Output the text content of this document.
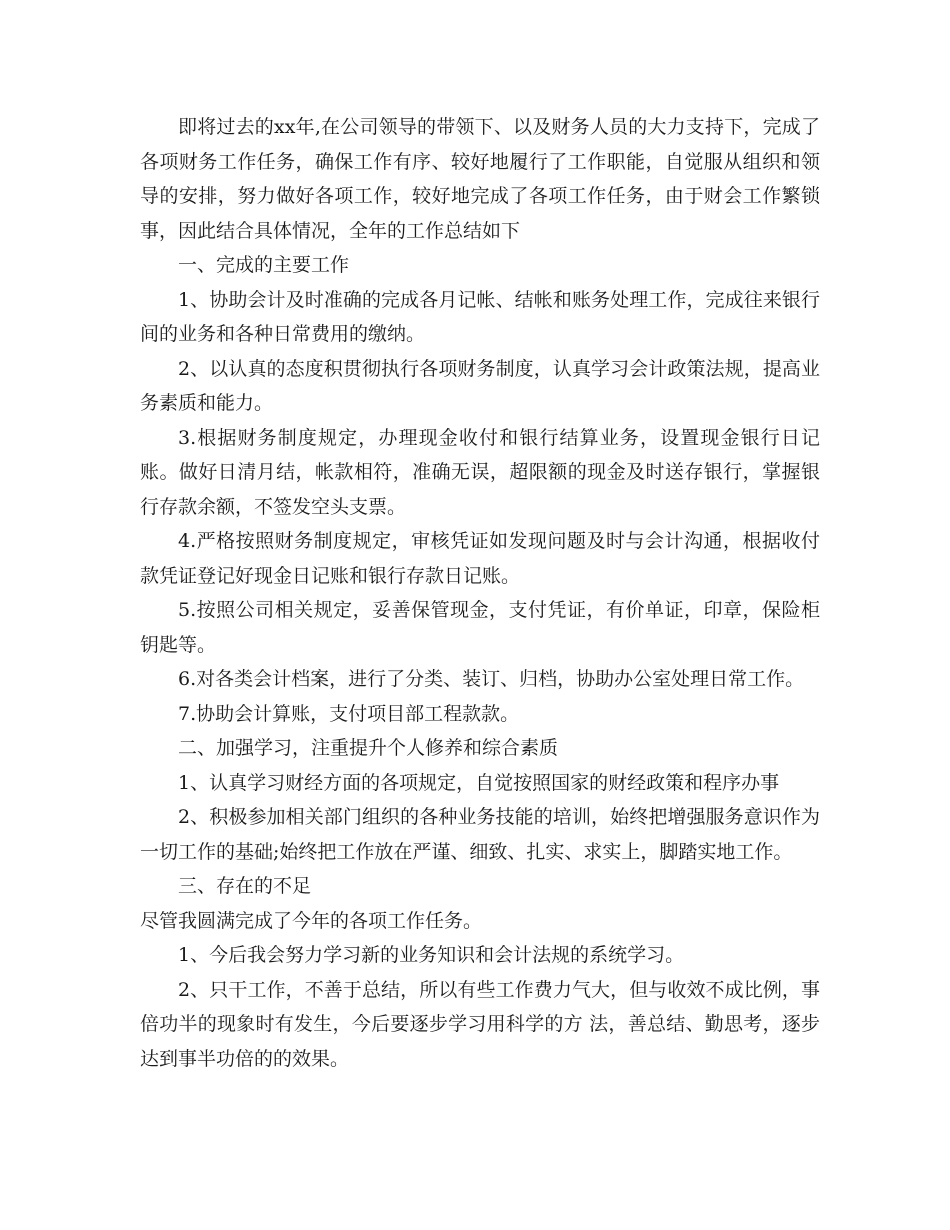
即将过去的xx年,在公司领导的带领下、以及财务人员的大力支持下，完成了各项财务工作任务，确保工作有序、较好地履行了工作职能，自觉服从组织和领导的安排，努力做好各项工作，较好地完成了各项工作任务，由于财会工作繁锁事，因此结合具体情况，全年的工作总结如下

一、完成的主要工作

1、协助会计及时准确的完成各月记帐、结帐和账务处理工作，完成往来银行间的业务和各种日常费用的缴纳。

2、以认真的态度积贯彻执行各项财务制度，认真学习会计政策法规，提高业务素质和能力。

3.根据财务制度规定，办理现金收付和银行结算业务，设置现金银行日记账。做好日清月结，帐款相符，准确无误，超限额的现金及时送存银行，掌握银行存款余额，不签发空头支票。

4.严格按照财务制度规定，审核凭证如发现问题及时与会计沟通，根据收付款凭证登记好现金日记账和银行存款日记账。

5.按照公司相关规定，妥善保管现金，支付凭证，有价单证，印章，保险柜钥匙等。

6.对各类会计档案，进行了分类、装订、归档，协助办公室处理日常工作。

7.协助会计算账，支付项目部工程款款。

二、加强学习，注重提升个人修养和综合素质

1、认真学习财经方面的各项规定，自觉按照国家的财经政策和程序办事

2、积极参加相关部门组织的各种业务技能的培训，始终把增强服务意识作为一切工作的基础;始终把工作放在严谨、细致、扎实、求实上，脚踏实地工作。

三、存在的不足

尽管我圆满完成了今年的各项工作任务。

1、今后我会努力学习新的业务知识和会计法规的系统学习。

2、只干工作，不善于总结，所以有些工作费力气大，但与收效不成比例，事倍功半的现象时有发生，今后要逐步学习用科学的方 法，善总结、勤思考，逐步达到事半功倍的的效果。
